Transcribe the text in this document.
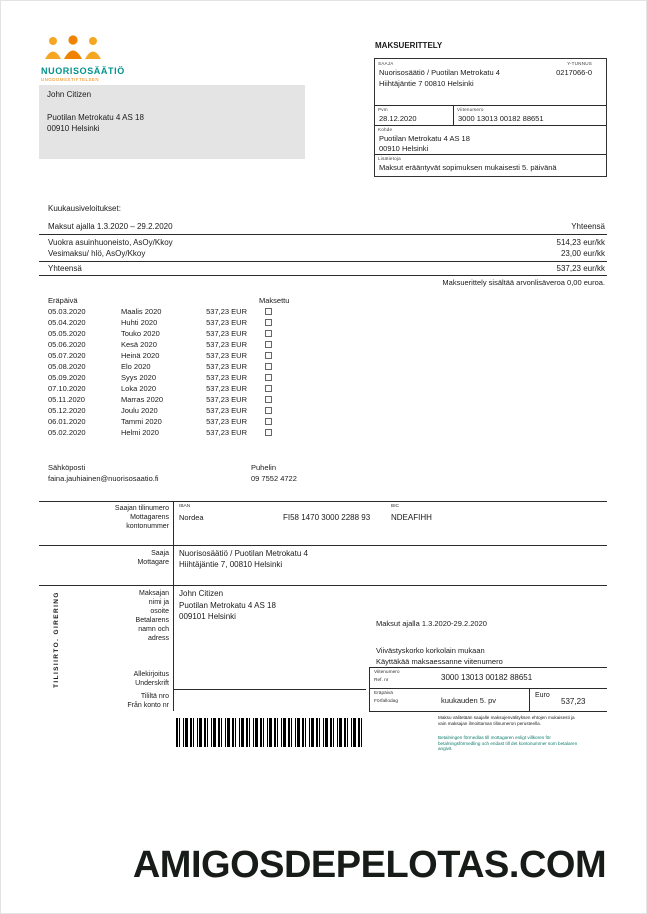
NUORISOSÄÄTIÖ
UNGDOMSSTIFTELSEN
John Citizen
Puotilan Metrokatu 4 AS 18
00910 Helsinki
MAKSUERITTELY
SAAJA	Y-TUNNUS
Nuorisosäätiö / Puotilan Metrokatu 4	0217066-0
Hiihtäjäntie 7 00810 Helsinki
Pvm
28.12.2020
Viitenumero
3000 13013 00182 88651
Kohde
Puotilan Metrokatu 4 AS 18
00910 Helsinki
Lisätietoja
Maksut erääntyvät sopimuksen mukaisesti 5. päivänä
Kuukausiveloitukset:
Maksut ajalla 1.3.2020 – 29.2.2020	Yhteensä
Vuokra asuinhuoneisto, AsOy/Kkoy	514,23 eur/kk
Vesimaksu/ hlö, AsOy/Kkoy	23,00 eur/kk
Yhteensä	537,23 eur/kk
Maksuerittely sisältää arvonlisäveroa 0,00 euroa.
Eräpäivä	Maksettu
05.03.2020	Maalis 2020	537,23 EUR
05.04.2020	Huhti 2020	537,23 EUR
05.05.2020	Touko 2020	537,23 EUR
05.06.2020	Kesä 2020	537,23 EUR
05.07.2020	Heinä 2020	537,23 EUR
05.08.2020	Elo 2020	537,23 EUR
05.09.2020	Syys 2020	537,23 EUR
07.10.2020	Loka 2020	537,23 EUR
05.11.2020	Marras 2020	537,23 EUR
05.12.2020	Joulu 2020	537,23 EUR
06.01.2020	Tammi 2020	537,23 EUR
05.02.2020	Helmi 2020	537,23 EUR
Sähköposti
faina.jauhiainen@nuorisosaatio.fi
Puhelin
09 7552 4722
Saajan tilinumero
Mottagarens
kontonummer
IBAN
Nordea	FI58 1470 3000 2288 93
BIC
NDEAFIHH
Saaja
Mottagare
Nuorisosäätiö / Puotilan Metrokatu 4
Hiihtäjäntie 7, 00810 Helsinki
TILISIIRTO. GIRERING	Maksajan
nimi ja
osoite
Betalarens
namn och
adress
John Citizen
Puotilan Metrokatu 4 AS 18
009101 Helsinki
Maksut ajalla 1.3.2020-29.2.2020
Viivästyskorko korkolain mukaan
Käyttäkää maksaessanne viitenumero
Allekirjoitus
Underskrift
Viitenumero
Ref. nr	3000 13013 00182 88651
Tililtä nro
Från konto nr
Eräpäivä
Förfallodag	kuukauden 5. pv
Euro
537,23
Maksu välitetään saajalle maksujenvälityksen ehtojen mukaisesti ja vain maksajan ilmoittaman tilinumeron perusteella.
Betalningen förmedlas till mottagaren enligt villkoren för betalningsförmedling och endast till det kontonummer som betalaren angivit.
AMIGOSDEPELOTAS.COM
